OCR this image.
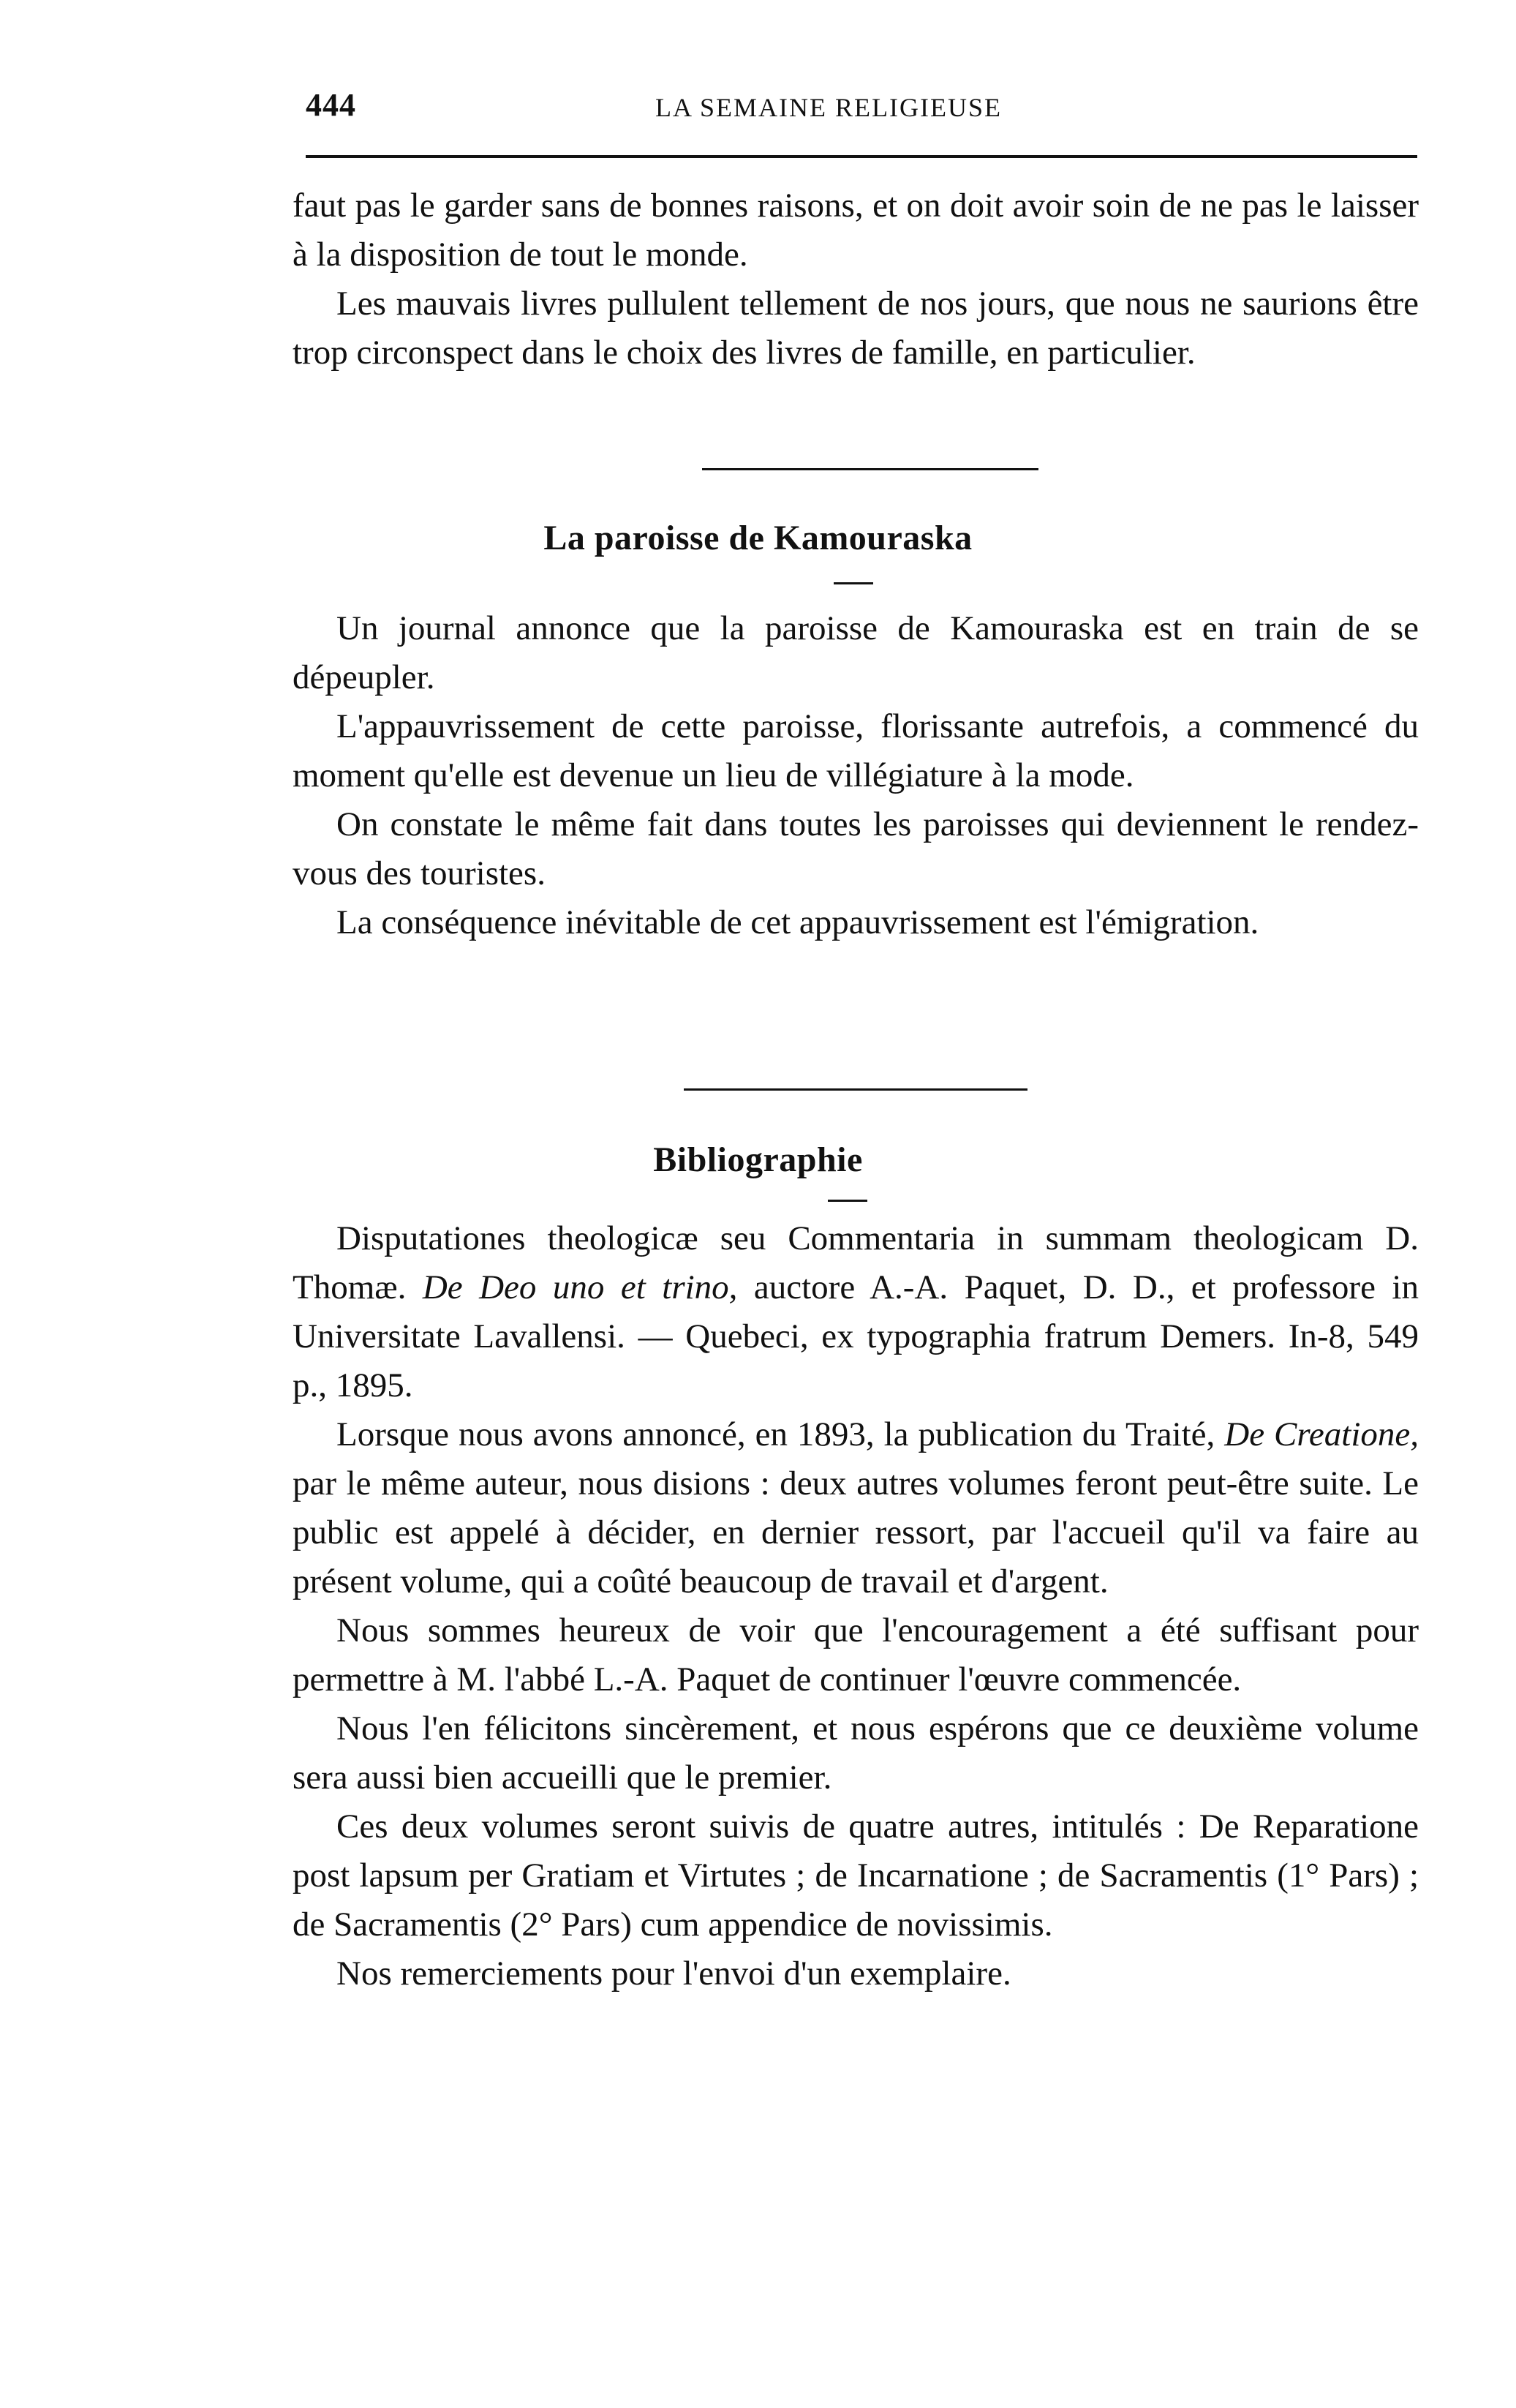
444	LA SEMAINE RELIGIEUSE

faut pas le garder sans de bonnes raisons, et on doit avoir soin de ne pas le laisser à la disposition de tout le monde.

Les mauvais livres pullulent tellement de nos jours, que nous ne saurions être trop circonspect dans le choix des livres de famille, en particulier.

La paroisse de Kamouraska

Un journal annonce que la paroisse de Kamouraska est en train de se dépeupler.

L'appauvrissement de cette paroisse, florissante autrefois, a commencé du moment qu'elle est devenue un lieu de villégiature à la mode.

On constate le même fait dans toutes les paroisses qui deviennent le rendez-vous des touristes.

La conséquence inévitable de cet appauvrissement est l'émigration.

Bibliographie

Disputationes theologicæ seu Commentaria in summam theologicam D. Thomæ. De Deo uno et trino, auctore A.-A. Paquet, D. D., et professore in Universitate Lavallensi. — Quebeci, ex typographia fratrum Demers. In-8, 549 p., 1895.

Lorsque nous avons annoncé, en 1893, la publication du Traité, De Creatione, par le même auteur, nous disions : deux autres volumes feront peut-être suite. Le public est appelé à décider, en dernier ressort, par l'accueil qu'il va faire au présent volume, qui a coûté beaucoup de travail et d'argent.

Nous sommes heureux de voir que l'encouragement a été suffisant pour permettre à M. l'abbé L.-A. Paquet de continuer l'œuvre commencée.

Nous l'en félicitons sincèrement, et nous espérons que ce deuxième volume sera aussi bien accueilli que le premier.

Ces deux volumes seront suivis de quatre autres, intitulés : De Reparatione post lapsum per Gratiam et Virtutes ; de Incarnatione ; de Sacramentis (1° Pars) ; de Sacramentis (2° Pars) cum appendice de novissimis.

Nos remerciements pour l'envoi d'un exemplaire.
